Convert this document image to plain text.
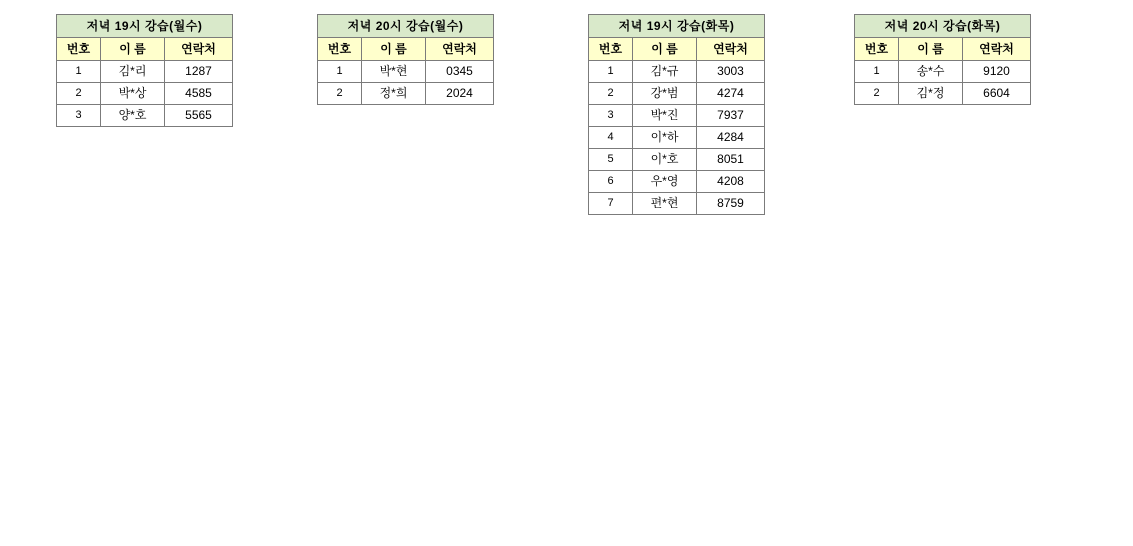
저녁 19시 강습(월수)		
번호	이 름	연락처
1	김*리	1287
2	박*상	4585
3	양*호	5565
저녁 20시 강습(월수)		
번호	이 름	연락처
1	박*현	0345
2	정*희	2024
저녁 19시 강습(화목)		
번호	이 름	연락처
1	김*규	3003
2	강*범	4274
3	박*진	7937
4	이*하	4284
5	이*호	8051
6	우*영	4208
7	편*현	8759
저녁 20시 강습(화목)		
번호	이 름	연락처
1	송*수	9120
2	김*정	6604
